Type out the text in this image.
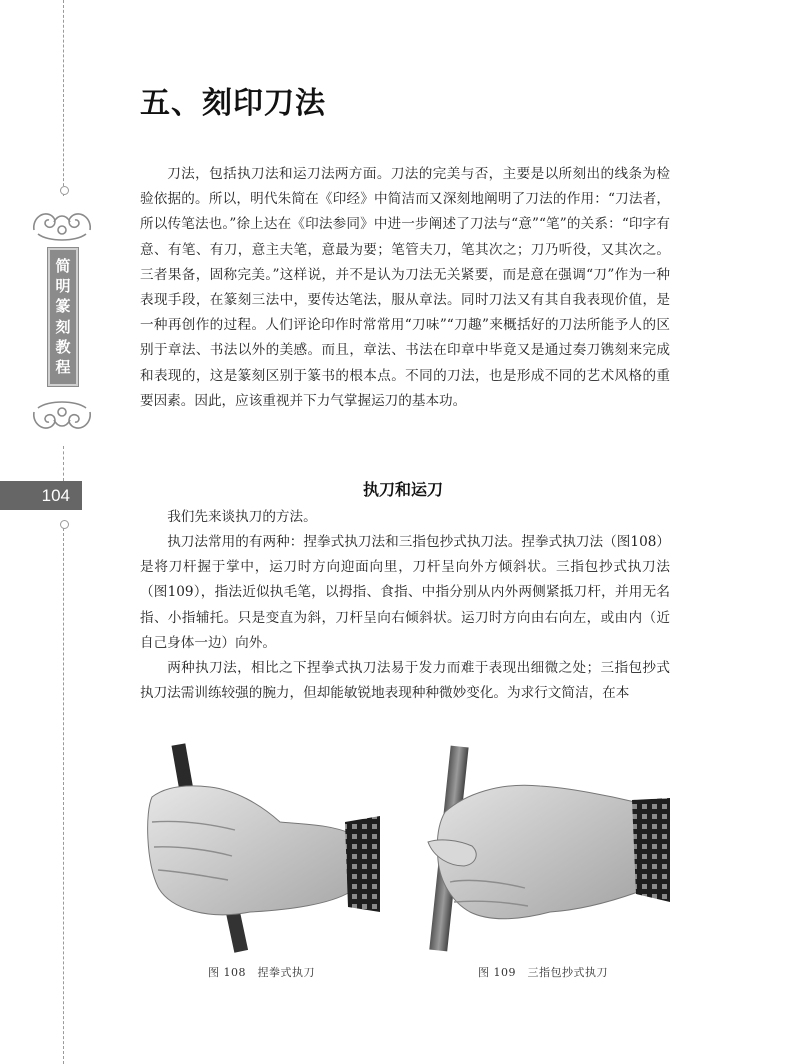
简
明
篆
刻
教
程
104
五、刻印刀法

刀法，包括执刀法和运刀法两方面。刀法的完美与否，主要是以所刻出的线条为检验依据的。所以，明代朱简在《印经》中简洁而又深刻地阐明了刀法的作用：“刀法者，所以传笔法也。”徐上达在《印法参同》中进一步阐述了刀法与“意”“笔”的关系：“印字有意、有笔、有刀，意主夫笔，意最为要；笔管夫刀，笔其次之；刀乃听役，又其次之。三者果备，固称完美。”这样说，并不是认为刀法无关紧要，而是意在强调“刀”作为一种表现手段，在篆刻三法中，要传达笔法，服从章法。同时刀法又有其自我表现价值，是一种再创作的过程。人们评论印作时常常用“刀味”“刀趣”来概括好的刀法所能予人的区别于章法、书法以外的美感。而且，章法、书法在印章中毕竟又是通过奏刀镌刻来完成和表现的，这是篆刻区别于篆书的根本点。不同的刀法，也是形成不同的艺术风格的重要因素。因此，应该重视并下力气掌握运刀的基本功。

执刀和运刀

我们先来谈执刀的方法。

执刀法常用的有两种：捏拳式执刀法和三指包抄式执刀法。捏拳式执刀法（图108）是将刀杆握于掌中，运刀时方向迎面向里，刀杆呈向外方倾斜状。三指包抄式执刀法（图109），指法近似执毛笔，以拇指、食指、中指分别从内外两侧紧抵刀杆，并用无名指、小指辅托。只是变直为斜，刀杆呈向右倾斜状。运刀时方向由右向左，或由内（近自己身体一边）向外。

两种执刀法，相比之下捏拳式执刀法易于发力而难于表现出细微之处；三指包抄式执刀法需训练较强的腕力，但却能敏锐地表现种种微妙变化。为求行文简洁，在本

图 108　捏拳式执刀	图 109　三指包抄式执刀
